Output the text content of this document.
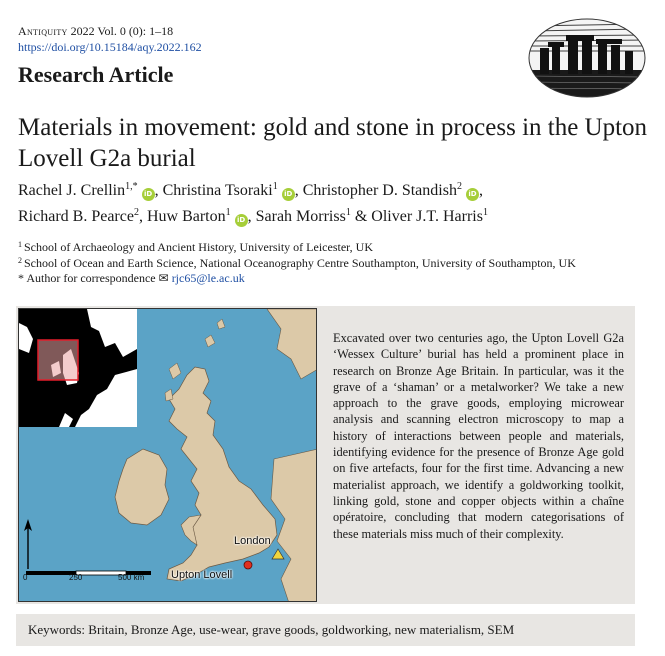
Antiquity 2022 Vol. 0 (0): 1–18
https://doi.org/10.15184/aqy.2022.162
Research Article
Materials in movement: gold and stone in process in the Upton Lovell G2a burial
Rachel J. Crellin$^{1,*}$iD , Christina Tsoraki$^1$iD , Christopher D. Standish$^2$iD ,
Richard B. Pearce$^2$, Huw Barton$^1$iD , Sarah Morriss$^1$ & Oliver J.T. Harris$^1$
$^1$ School of Archaeology and Ancient History, University of Leicester, UK
$^2$ School of Ocean and Earth Science, National Oceanography Centre Southampton, University of Southampton, UK
* Author for correspondence ✉ rjc65@le.ac.uk
0	250	500 km
London
Upton Lovell
Excavated over two centuries ago, the Upton Lovell G2a ‘Wessex Culture’ burial has held a prominent place in research on Bronze Age Britain. In particular, was it the grave of a ‘shaman’ or a metalworker? We take a new approach to the grave goods, employing microwear analysis and scanning electron microscopy to map a history of interactions between people and materials, identifying evidence for the presence of Bronze Age gold on five artefacts, four for the first time. Advancing a new materialist approach, we identify a goldworking toolkit, linking gold, stone and copper objects within a chaîne opératoire, concluding that modern categorisations of these materials miss much of their complexity.
Keywords: Britain, Bronze Age, use-wear, grave goods, goldworking, new materialism, SEM
